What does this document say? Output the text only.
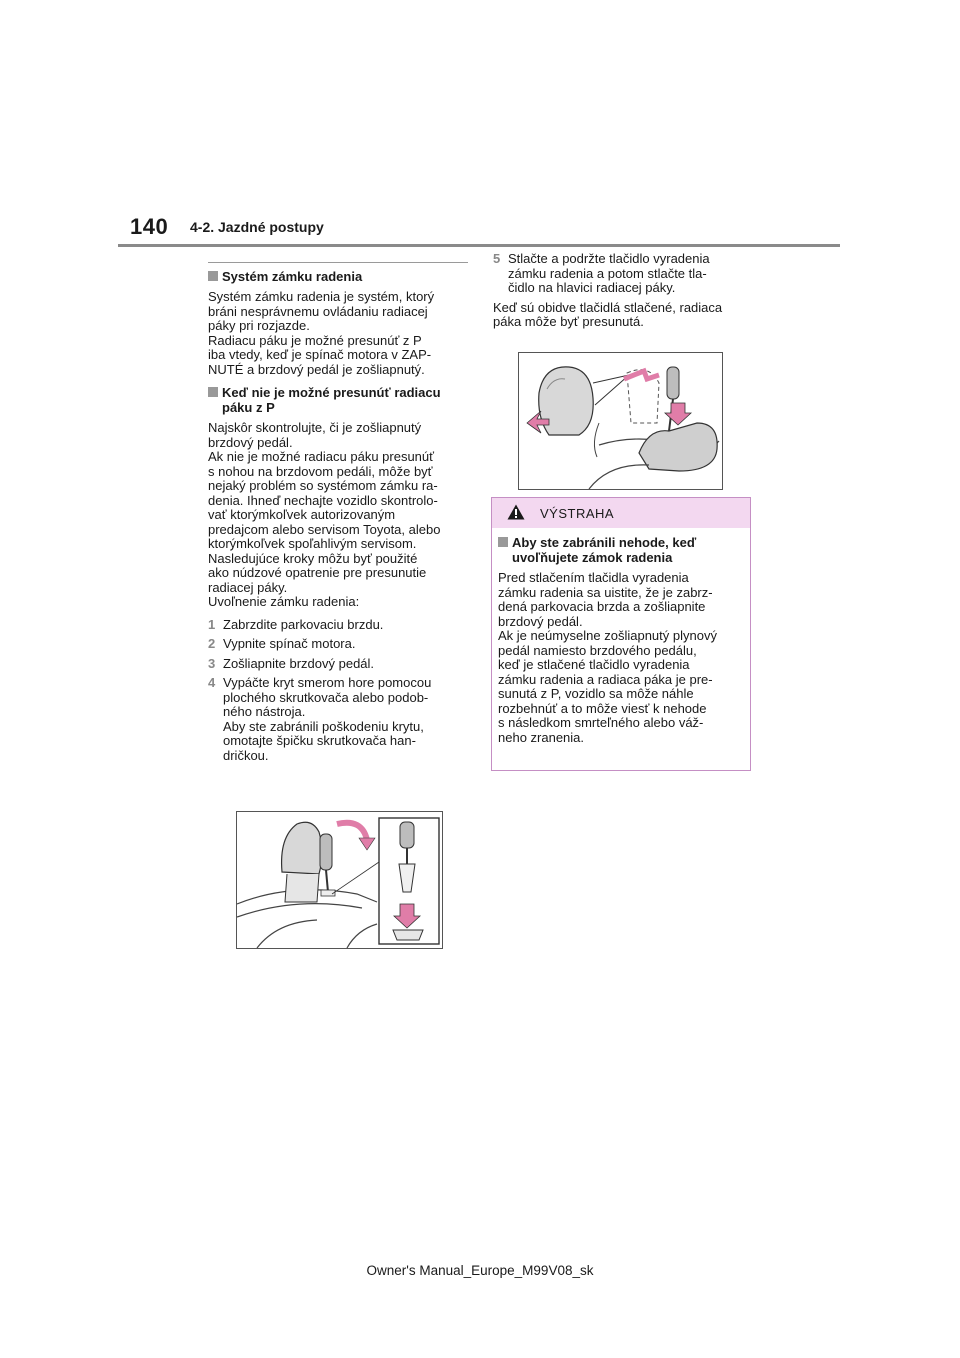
140 4-2. Jazdné postupy
Systém zámku radenia
Systém zámku radenia je systém, ktorý
bráni nesprávnemu ovládaniu radiacej
páky pri rozjazde.
Radiacu páku je možné presunúť z P
iba vtedy, keď je spínač motora v ZAP-
NUTÉ a brzdový pedál je zošliapnutý.
Keď nie je možné presunúť radiacu
páku z P
Najskôr skontrolujte, či je zošliapnutý
brzdový pedál.
Ak nie je možné radiacu páku presunúť
s nohou na brzdovom pedáli, môže byť
nejaký problém so systémom zámku ra-
denia. Ihneď nechajte vozidlo skontrolo-
vať ktorýmkoľvek autorizovaným
predajcom alebo servisom Toyota, alebo
ktorýmkoľvek spoľahlivým servisom.
Nasledujúce kroky môžu byť použité
ako núdzové opatrenie pre presunutie
radiacej páky.
Uvoľnenie zámku radenia:
1 Zabrzdite parkovaciu brzdu.
2 Vypnite spínač motora.
3 Zošliapnite brzdový pedál.
4 Vypáčte kryt smerom hore pomocou
plochého skrutkovača alebo podob-
ného nástroja.
Aby ste zabránili poškodeniu krytu,
omotajte špičku skrutkovača han-
dričkou.
5 Stlačte a podržte tlačidlo vyradenia
zámku radenia a potom stlačte tla-
čidlo na hlavici radiacej páky.
Keď sú obidve tlačidlá stlačené, radiaca
páka môže byť presunutá.
VÝSTRAHA
Aby ste zabránili nehode, keď
uvoľňujete zámok radenia
Pred stlačením tlačidla vyradenia
zámku radenia sa uistite, že je zabrz-
dená parkovacia brzda a zošliapnite
brzdový pedál.
Ak je neúmyselne zošliapnutý plynový
pedál namiesto brzdového pedálu,
keď je stlačené tlačidlo vyradenia
zámku radenia a radiaca páka je pre-
sunutá z P, vozidlo sa môže náhle
rozbehnúť a to môže viesť k nehode
s následkom smrteľného alebo váž-
neho zranenia.
Owner's Manual_Europe_M99V08_sk
